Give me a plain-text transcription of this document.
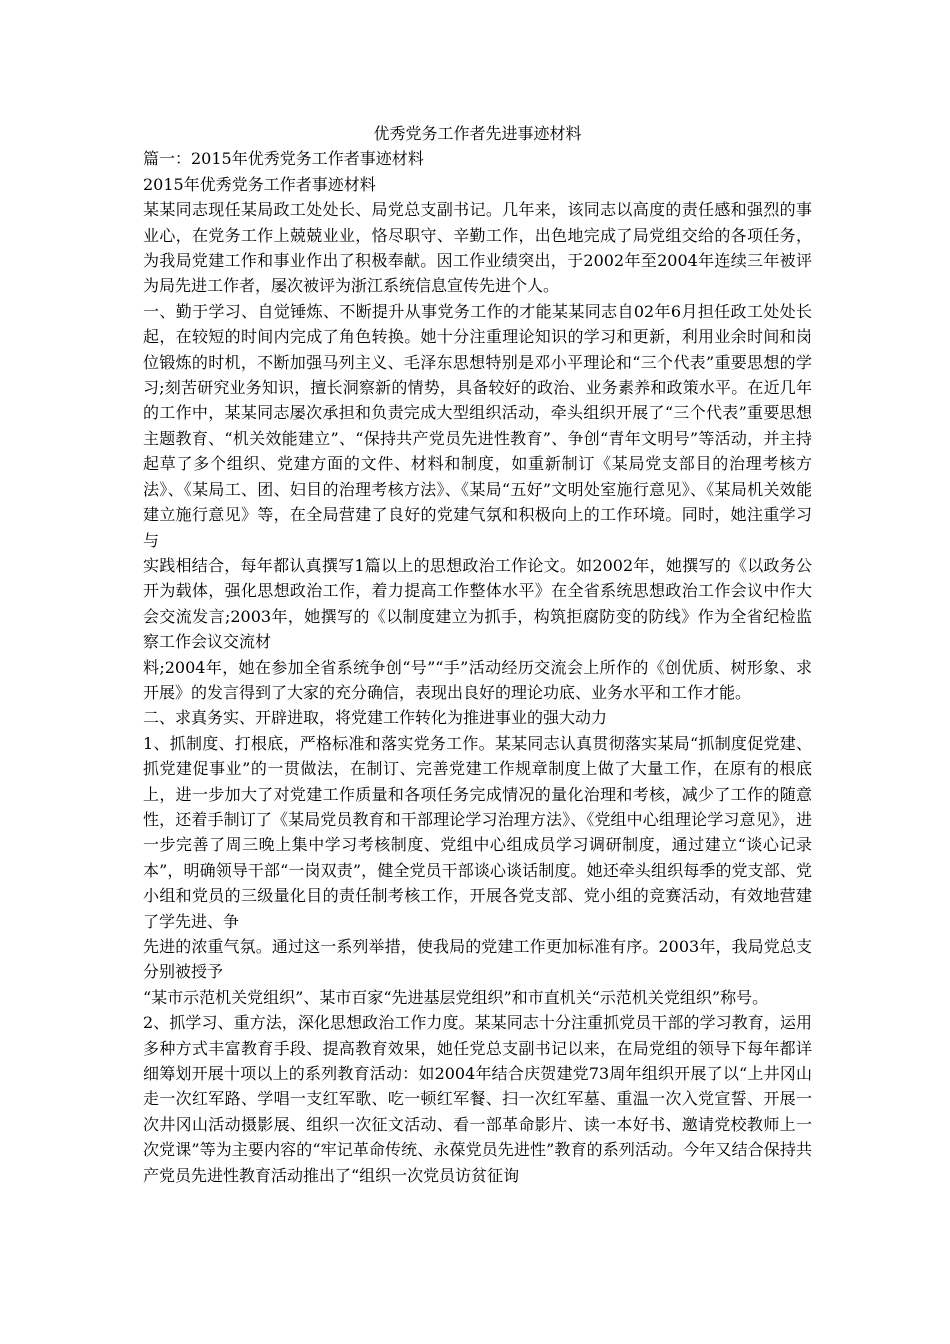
优秀党务工作者先进事迹材料

篇一：2015年优秀党务工作者事迹材料

2015年优秀党务工作者事迹材料

某某同志现任某局政工处处长、局党总支副书记。几年来，该同志以高度的责任感和强烈的事业心，在党务工作上兢兢业业，恪尽职守、辛勤工作，出色地完成了局党组交给的各项任务，为我局党建工作和事业作出了积极奉献。因工作业绩突出，于2002年至2004年连续三年被评为局先进工作者，屡次被评为浙江系统信息宣传先进个人。

一、勤于学习、自觉锤炼、不断提升从事党务工作的才能某某同志自02年6月担任政工处处长起，在较短的时间内完成了角色转换。她十分注重理论知识的学习和更新，利用业余时间和岗位锻炼的时机，不断加强马列主义、毛泽东思想特别是邓小平理论和“三个代表”重要思想的学习;刻苦研究业务知识，擅长洞察新的情势，具备较好的政治、业务素养和政策水平。在近几年的工作中，某某同志屡次承担和负责完成大型组织活动，牵头组织开展了“三个代表”重要思想主题教育、“机关效能建立”、“保持共产党员先进性教育”、争创“青年文明号”等活动，并主持起草了多个组织、党建方面的文件、材料和制度，如重新制订《某局党支部目的治理考核方法》、《某局工、团、妇目的治理考核方法》、《某局“五好”文明处室施行意见》、《某局机关效能建立施行意见》等，在全局营建了良好的党建气氛和积极向上的工作环境。同时，她注重学习与

实践相结合，每年都认真撰写1篇以上的思想政治工作论文。如2002年，她撰写的《以政务公开为载体，强化思想政治工作，着力提高工作整体水平》在全省系统思想政治工作会议中作大会交流发言;2003年，她撰写的《以制度建立为抓手，构筑拒腐防变的防线》作为全省纪检监察工作会议交流材

料;2004年，她在参加全省系统争创“号”“手”活动经历交流会上所作的《创优质、树形象、求开展》的发言得到了大家的充分确信，表现出良好的理论功底、业务水平和工作才能。

二、求真务实、开辟进取，将党建工作转化为推进事业的强大动力

1、抓制度、打根底，严格标准和落实党务工作。某某同志认真贯彻落实某局“抓制度促党建、抓党建促事业”的一贯做法，在制订、完善党建工作规章制度上做了大量工作，在原有的根底上，进一步加大了对党建工作质量和各项任务完成情况的量化治理和考核，减少了工作的随意性，还着手制订了《某局党员教育和干部理论学习治理方法》、《党组中心组理论学习意见》，进一步完善了周三晚上集中学习考核制度、党组中心组成员学习调研制度，通过建立“谈心记录本”，明确领导干部“一岗双责”，健全党员干部谈心谈话制度。她还牵头组织每季的党支部、党小组和党员的三级量化目的责任制考核工作，开展各党支部、党小组的竞赛活动，有效地营建了学先进、争

先进的浓重气氛。通过这一系列举措，使我局的党建工作更加标准有序。2003年，我局党总支分别被授予

“某市示范机关党组织”、某市百家“先进基层党组织”和市直机关“示范机关党组织”称号。

2、抓学习、重方法，深化思想政治工作力度。某某同志十分注重抓党员干部的学习教育，运用多种方式丰富教育手段、提高教育效果，她任党总支副书记以来，在局党组的领导下每年都详细筹划开展十项以上的系列教育活动：如2004年结合庆贺建党73周年组织开展了以“上井冈山走一次红军路、学唱一支红军歌、吃一顿红军餐、扫一次红军墓、重温一次入党宣誓、开展一次井冈山活动摄影展、组织一次征文活动、看一部革命影片、读一本好书、邀请党校教师上一次党课”等为主要内容的“牢记革命传统、永葆党员先进性”教育的系列活动。今年又结合保持共产党员先进性教育活动推出了“组织一次党员访贫征询
